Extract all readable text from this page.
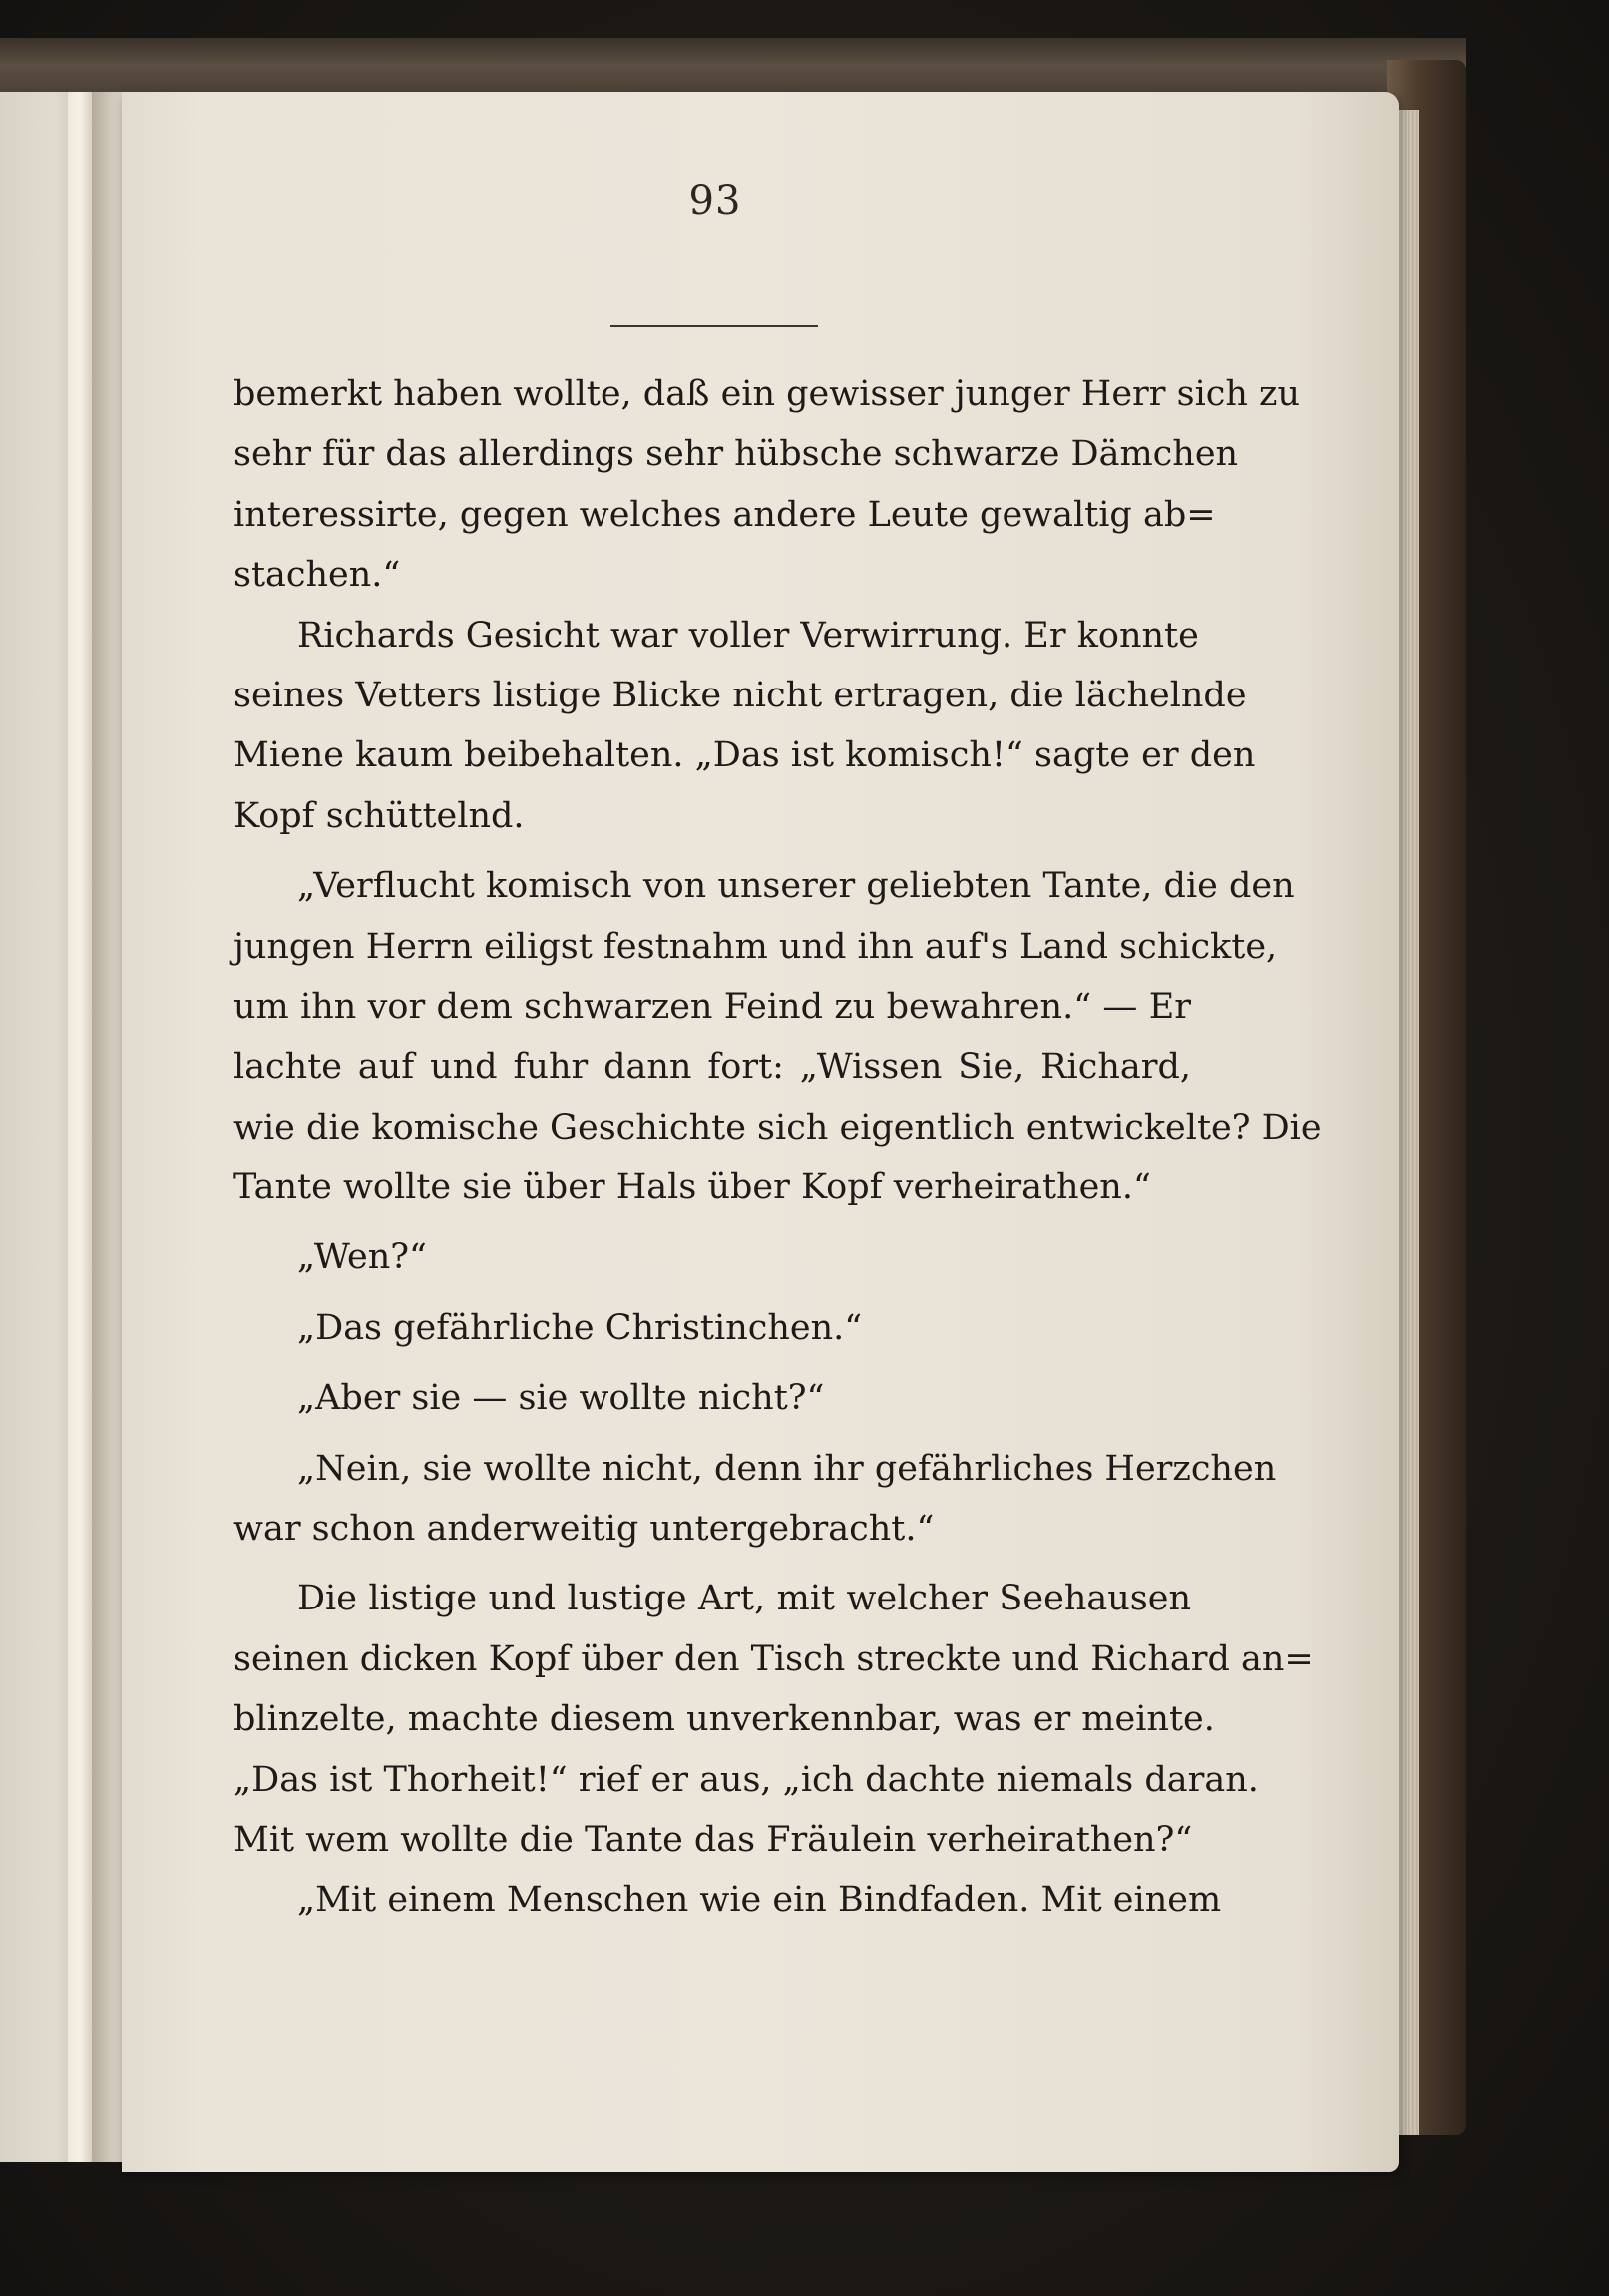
93
bemerkt haben wollte, daß ein gewisser junger Herr sich zu
sehr für das allerdings sehr hübsche schwarze Dämchen
interessirte, gegen welches andere Leute gewaltig ab=
stachen.“
Richards Gesicht war voller Verwirrung. Er konnte
seines Vetters listige Blicke nicht ertragen, die lächelnde
Miene kaum beibehalten. „Das ist komisch!“ sagte er den
Kopf schüttelnd.
„Verflucht komisch von unserer geliebten Tante, die den
jungen Herrn eiligst festnahm und ihn auf's Land schickte,
um ihn vor dem schwarzen Feind zu bewahren.“ — Er
lachte auf und fuhr dann fort: „Wissen Sie, Richard,
wie die komische Geschichte sich eigentlich entwickelte? Die
Tante wollte sie über Hals über Kopf verheirathen.“
„Wen?“
„Das gefährliche Christinchen.“
„Aber sie — sie wollte nicht?“
„Nein, sie wollte nicht, denn ihr gefährliches Herzchen
war schon anderweitig untergebracht.“
Die listige und lustige Art, mit welcher Seehausen
seinen dicken Kopf über den Tisch streckte und Richard an=
blinzelte, machte diesem unverkennbar, was er meinte.
„Das ist Thorheit!“ rief er aus, „ich dachte niemals daran.
Mit wem wollte die Tante das Fräulein verheirathen?“
„Mit einem Menschen wie ein Bindfaden. Mit einem
